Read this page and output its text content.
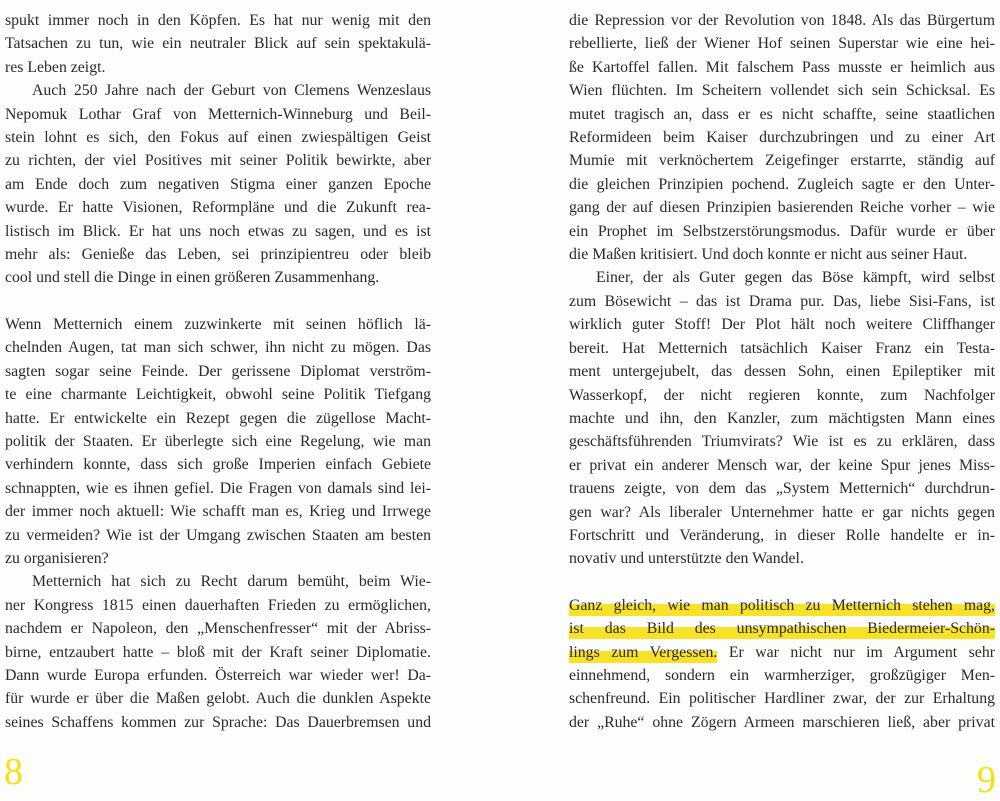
spukt immer noch in den Köpfen. Es hat nur wenig mit den
Tatsachen zu tun, wie ein neutraler Blick auf sein spektakulä-
res Leben zeigt.
Auch 250 Jahre nach der Geburt von Clemens Wenzeslaus
Nepomuk Lothar Graf von Metternich-Winneburg und Beil-
stein lohnt es sich, den Fokus auf einen zwiespältigen Geist
zu richten, der viel Positives mit seiner Politik bewirkte, aber
am Ende doch zum negativen Stigma einer ganzen Epoche
wurde. Er hatte Visionen, Reformpläne und die Zukunft rea-
listisch im Blick. Er hat uns noch etwas zu sagen, und es ist
mehr als: Genieße das Leben, sei prinzipientreu oder bleib
cool und stell die Dinge in einen größeren Zusammenhang.
Wenn Metternich einem zuzwinkerte mit seinen höflich lä-
chelnden Augen, tat man sich schwer, ihn nicht zu mögen. Das
sagten sogar seine Feinde. Der gerissene Diplomat verström-
te eine charmante Leichtigkeit, obwohl seine Politik Tiefgang
hatte. Er entwickelte ein Rezept gegen die zügellose Macht-
politik der Staaten. Er überlegte sich eine Regelung, wie man
verhindern konnte, dass sich große Imperien einfach Gebiete
schnappten, wie es ihnen gefiel. Die Fragen von damals sind lei-
der immer noch aktuell: Wie schafft man es, Krieg und Irrwege
zu vermeiden? Wie ist der Umgang zwischen Staaten am besten
zu organisieren?
Metternich hat sich zu Recht darum bemüht, beim Wie-
ner Kongress 1815 einen dauerhaften Frieden zu ermöglichen,
nachdem er Napoleon, den „Menschenfresser“ mit der Abriss-
birne, entzaubert hatte – bloß mit der Kraft seiner Diplomatie.
Dann wurde Europa erfunden. Österreich war wieder wer! Da-
für wurde er über die Maßen gelobt. Auch die dunklen Aspekte
seines Schaffens kommen zur Sprache: Das Dauerbremsen und
die Repression vor der Revolution von 1848. Als das Bürgertum
rebellierte, ließ der Wiener Hof seinen Superstar wie eine hei-
ße Kartoffel fallen. Mit falschem Pass musste er heimlich aus
Wien flüchten. Im Scheitern vollendet sich sein Schicksal. Es
mutet tragisch an, dass er es nicht schaffte, seine staatlichen
Reformideen beim Kaiser durchzubringen und zu einer Art
Mumie mit verknöchertem Zeigefinger erstarrte, ständig auf
die gleichen Prinzipien pochend. Zugleich sagte er den Unter-
gang der auf diesen Prinzipien basierenden Reiche vorher – wie
ein Prophet im Selbstzerstörungsmodus. Dafür wurde er über
die Maßen kritisiert. Und doch konnte er nicht aus seiner Haut.
Einer, der als Guter gegen das Böse kämpft, wird selbst
zum Bösewicht – das ist Drama pur. Das, liebe Sisi-Fans, ist
wirklich guter Stoff! Der Plot hält noch weitere Cliffhanger
bereit. Hat Metternich tatsächlich Kaiser Franz ein Testa-
ment untergejubelt, das dessen Sohn, einen Epileptiker mit
Wasserkopf, der nicht regieren konnte, zum Nachfolger
machte und ihn, den Kanzler, zum mächtigsten Mann eines
geschäftsführenden Triumvirats? Wie ist es zu erklären, dass
er privat ein anderer Mensch war, der keine Spur jenes Miss-
trauens zeigte, von dem das „System Metternich“ durchdrun-
gen war? Als liberaler Unternehmer hatte er gar nichts gegen
Fortschritt und Veränderung, in dieser Rolle handelte er in-
novativ und unterstützte den Wandel.
Ganz gleich, wie man politisch zu Metternich stehen mag,
ist das Bild des unsympathischen Biedermeier-Schön-
lings zum Vergessen. Er war nicht nur im Argument sehr
einnehmend, sondern ein warmherziger, großzügiger Men-
schenfreund. Ein politischer Hardliner zwar, der zur Erhaltung
der „Ruhe“ ohne Zögern Armeen marschieren ließ, aber privat
8	9
